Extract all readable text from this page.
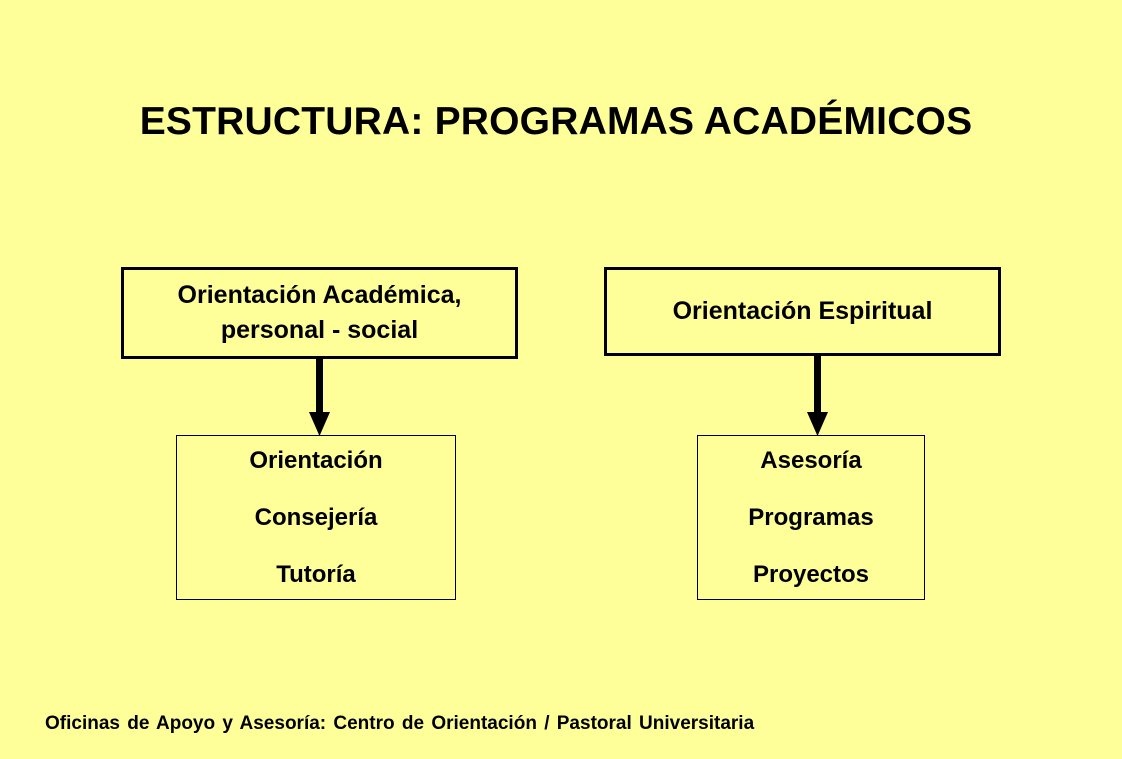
ESTRUCTURA: PROGRAMAS ACADÉMICOS
Orientación Académica,
personal - social
Orientación Espiritual
Orientación
Consejería
Tutoría
Asesoría
Programas
Proyectos
Oficinas de Apoyo y Asesoría: Centro de Orientación / Pastoral Universitaria
